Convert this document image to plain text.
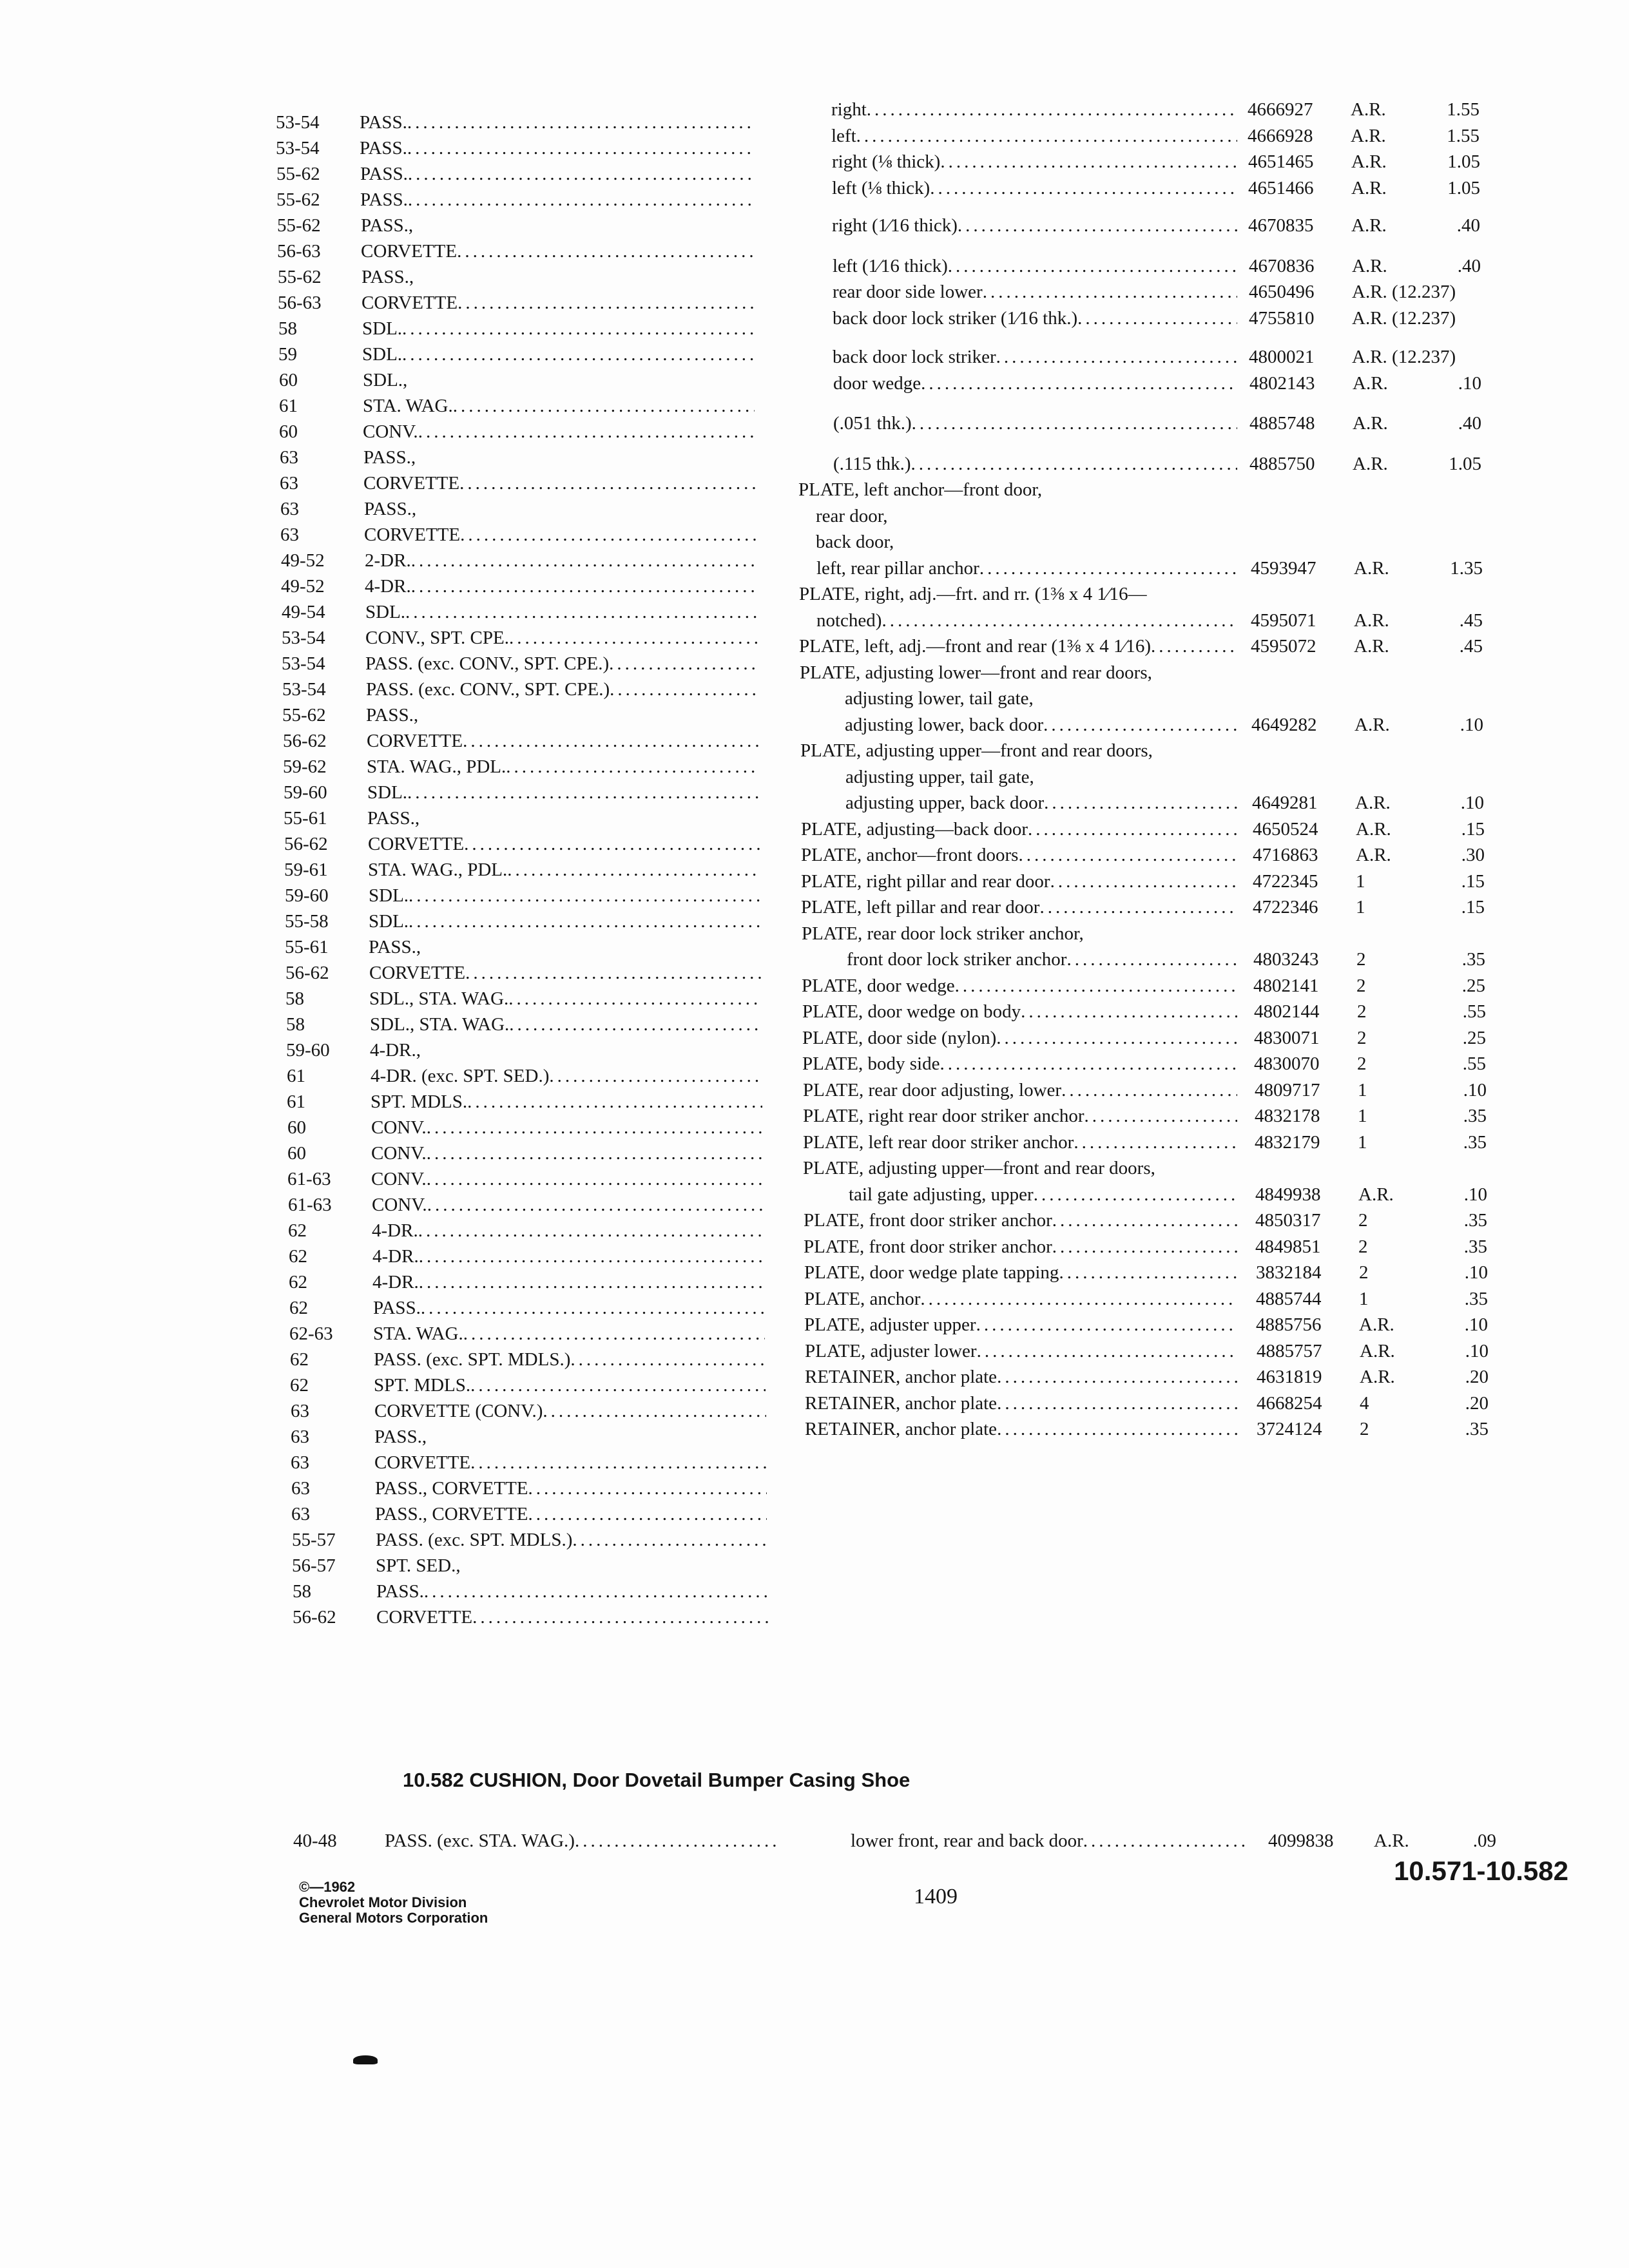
53-54	PASS.
.....
53-54	PASS.
.....
55-62	PASS.
.....
55-62	PASS.
.....
55-62	PASS.,
56-63	CORVETTE
.....
55-62	PASS.,
56-63	CORVETTE
.....
58	SDL.
.....
59	SDL.
.....
60	SDL.,
61	STA. WAG.
.....
60	CONV.
.....
63	PASS.,
63	CORVETTE
.....
63	PASS.,
63	CORVETTE
.....
49-52	2-DR.
.....
49-52	4-DR.
.....
49-54	SDL.
.....
53-54	CONV., SPT. CPE.
.....
53-54	PASS. (exc. CONV., SPT. CPE.)
.....
53-54	PASS. (exc. CONV., SPT. CPE.)
.....
55-62	PASS.,
56-62	CORVETTE
.....
59-62	STA. WAG., PDL.
.....
59-60	SDL.
.....
55-61	PASS.,
56-62	CORVETTE
.....
59-61	STA. WAG., PDL.
.....
59-60	SDL.
.....
55-58	SDL.
.....
55-61	PASS.,
56-62	CORVETTE
.....
58	SDL., STA. WAG.
.....
58	SDL., STA. WAG.
.....
59-60	4-DR.,
61	4-DR. (exc. SPT. SED.)
.....
61	SPT. MDLS.
.....
60	CONV.
.....
60	CONV.
.....
61-63	CONV.
.....
61-63	CONV.
.....
62	4-DR.
.....
62	4-DR.
.....
62	4-DR.
.....
62	PASS.
.....
62-63	STA. WAG.
.....
62	PASS. (exc. SPT. MDLS.)
.....
62	SPT. MDLS.
.....
63	CORVETTE (CONV.)
.....
63	PASS.,
63	CORVETTE
.....
63	PASS., CORVETTE
.....
63	PASS., CORVETTE
.....
55-57	PASS. (exc. SPT. MDLS.)
.....
56-57	SPT. SED.,
58	PASS.
.....
56-62	CORVETTE
.....
right .....	4666927	A.R.	1.55
left .....	4666928	A.R.	1.55
right (⅛ thick) .....	4651465	A.R.	1.05
left (⅛ thick) .....	4651466	A.R.	1.05
right (1⁄16 thick) .....	4670835	A.R.	.40
left (1⁄16 thick) .....	4670836	A.R.	.40
rear door side lower .....	4650496	A.R. (12.237)
back door lock striker (1⁄16 thk.) .....	4755810	A.R. (12.237)
back door lock striker .....	4800021	A.R. (12.237)
door wedge .....	4802143	A.R.	.10
(.051 thk.) .....	4885748	A.R.	.40
(.115 thk.) .....	4885750	A.R.	1.05
PLATE, left anchor—front door,
rear door,
back door,
left, rear pillar anchor .....	4593947	A.R.	1.35
PLATE, right, adj.—frt. and rr. (1⅜ x 4 1⁄16—
notched) .....	4595071	A.R.	.45
PLATE, left, adj.—front and rear (1⅜ x 4 1⁄16) .....	4595072	A.R.	.45
PLATE, adjusting lower—front and rear doors,
adjusting lower, tail gate,
adjusting lower, back door .....	4649282	A.R.	.10
PLATE, adjusting upper—front and rear doors,
adjusting upper, tail gate,
adjusting upper, back door .....	4649281	A.R.	.10
PLATE, adjusting—back door .....	4650524	A.R.	.15
PLATE, anchor—front doors .....	4716863	A.R.	.30
PLATE, right pillar and rear door .....	4722345	1	.15
PLATE, left pillar and rear door .....	4722346	1	.15
PLATE, rear door lock striker anchor,
front door lock striker anchor .....	4803243	2	.35
PLATE, door wedge .....	4802141	2	.25
PLATE, door wedge on body .....	4802144	2	.55
PLATE, door side (nylon) .....	4830071	2	.25
PLATE, body side .....	4830070	2	.55
PLATE, rear door adjusting, lower .....	4809717	1	.10
PLATE, right rear door striker anchor .....	4832178	1	.35
PLATE, left rear door striker anchor .....	4832179	1	.35
PLATE, adjusting upper—front and rear doors,
tail gate adjusting, upper .....	4849938	A.R.	.10
PLATE, front door striker anchor .....	4850317	2	.35
PLATE, front door striker anchor .....	4849851	2	.35
PLATE, door wedge plate tapping .....	3832184	2	.10
PLATE, anchor .....	4885744	1	.35
PLATE, adjuster upper .....	4885756	A.R.	.10
PLATE, adjuster lower .....	4885757	A.R.	.10
RETAINER, anchor plate .....	4631819	A.R.	.20
RETAINER, anchor plate .....	4668254	4	.20
RETAINER, anchor plate .....	3724124	2	.35
10.582 CUSHION, Door Dovetail Bumper Casing Shoe
40-48	PASS. (exc. STA. WAG.) .....	lower front, rear and back door .....	4099838	A.R.	.09
©—1962
Chevrolet Motor Division
General Motors Corporation
1409
10.571-10.582
